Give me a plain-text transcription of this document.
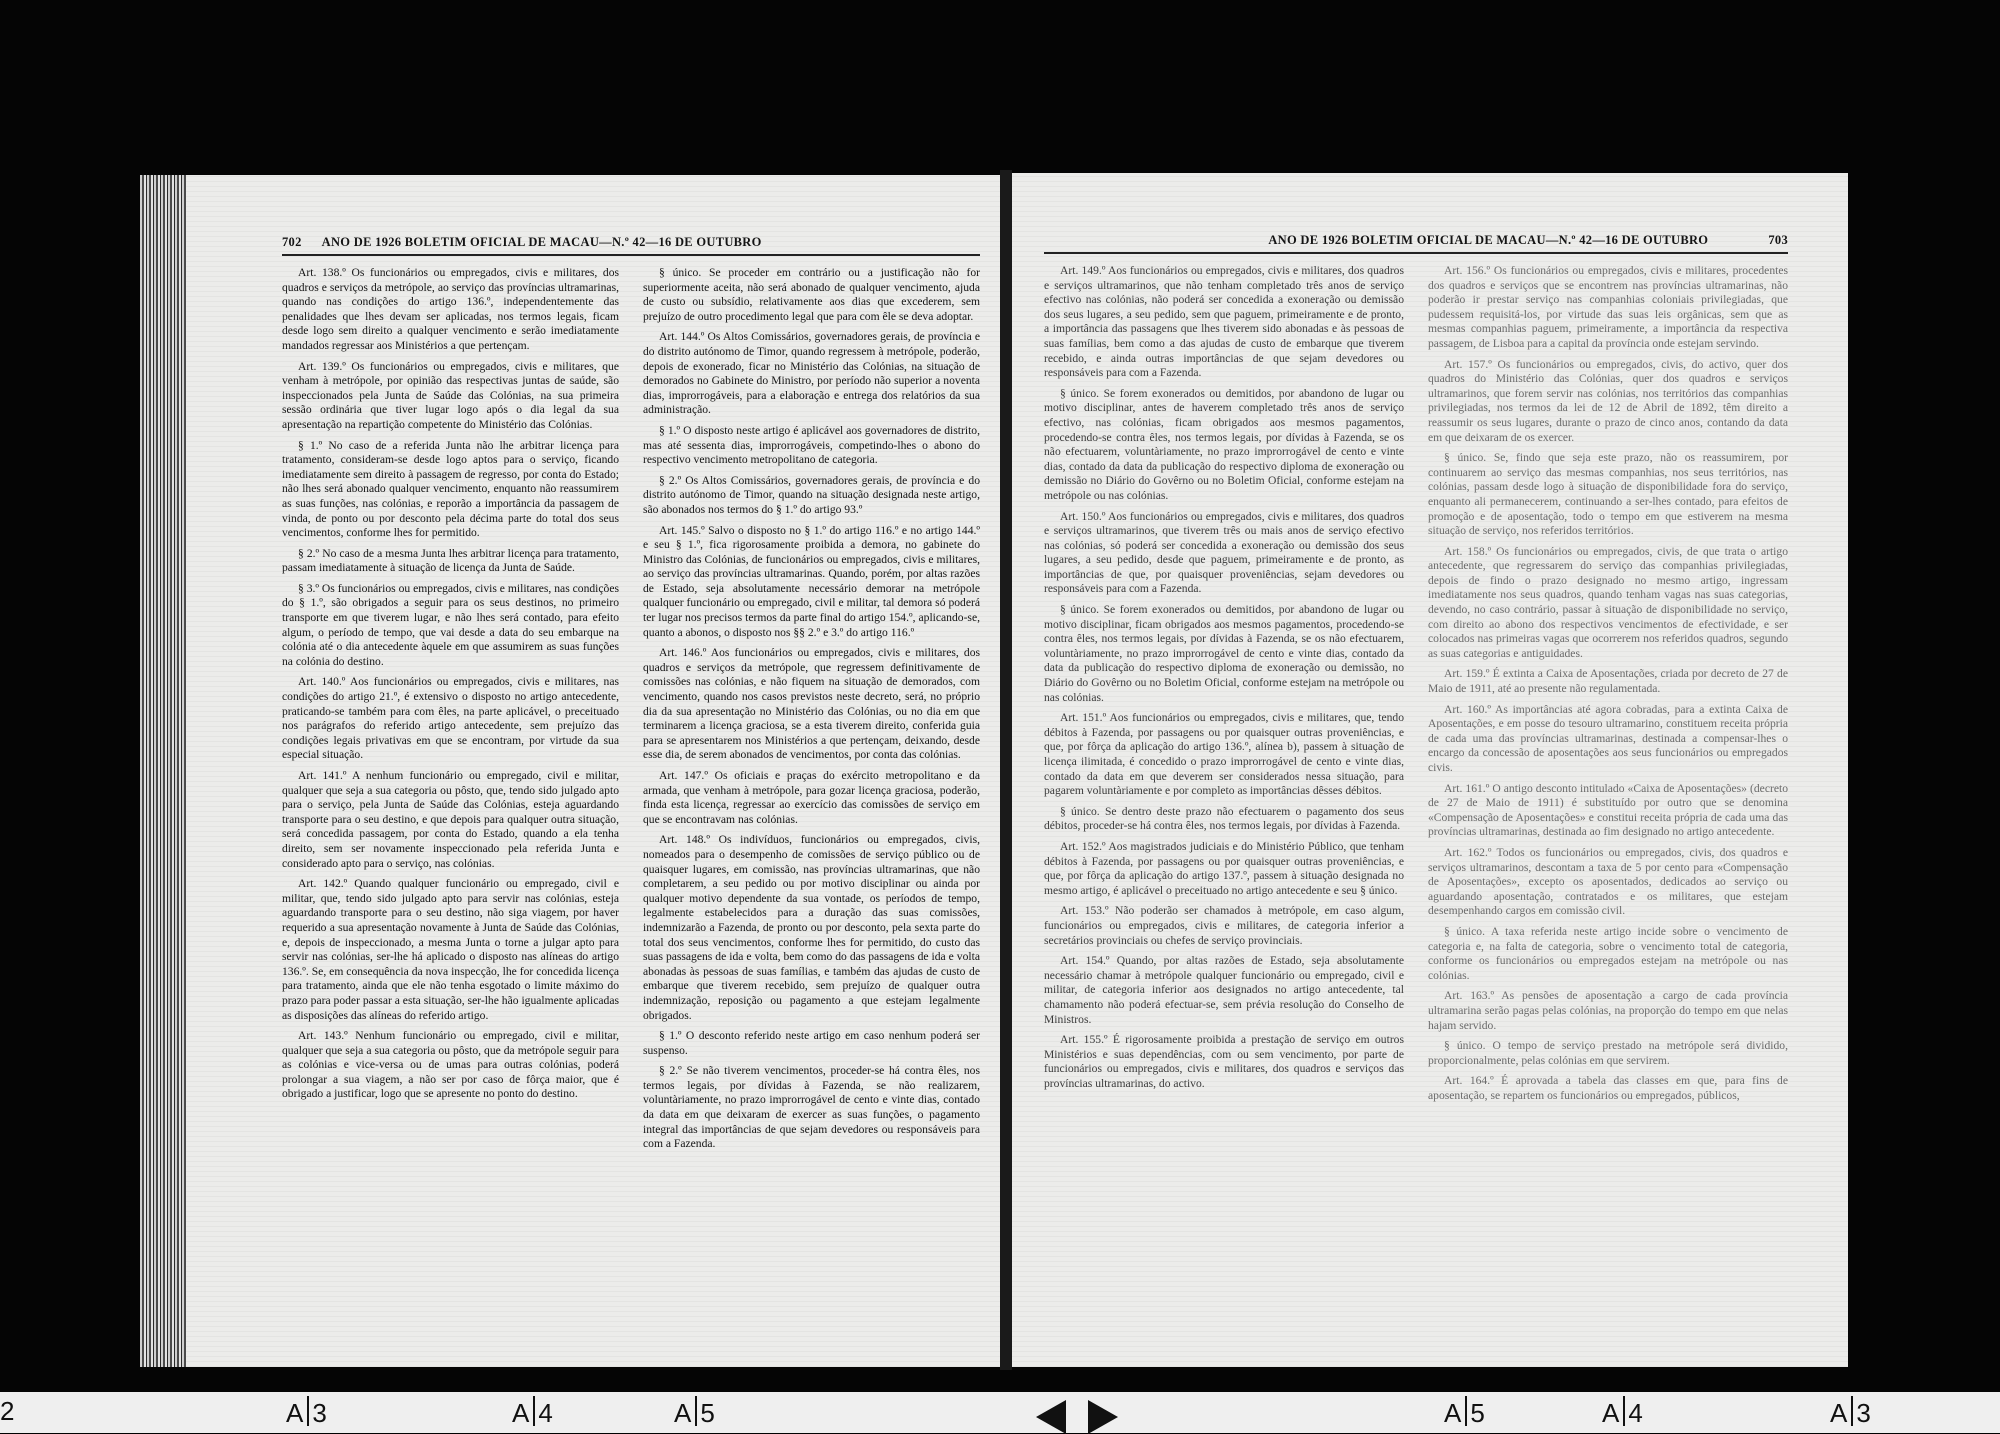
702	ANO DE 1926 BOLETIM OFICIAL DE MACAU—N.º 42—16 DE OUTUBRO

Art. 138.º Os funcionários ou empregados, civis e militares, dos quadros e serviços da metrópole, ao serviço das províncias ultramarinas, quando nas condições do artigo 136.º, independentemente das penalidades que lhes devam ser aplicadas, nos termos legais, ficam desde logo sem direito a qualquer vencimento e serão imediatamente mandados regressar aos Ministérios a que pertençam.

Art. 139.º Os funcionários ou empregados, civis e militares, que venham à metrópole, por opinião das respectivas juntas de saúde, são inspeccionados pela Junta de Saúde das Colónias, na sua primeira sessão ordinária que tiver lugar logo após o dia legal da sua apresentação na repartição competente do Ministério das Colónias.

§ 1.º No caso de a referida Junta não lhe arbitrar licença para tratamento, consideram-se desde logo aptos para o serviço, ficando imediatamente sem direito à passagem de regresso, por conta do Estado; não lhes será abonado qualquer vencimento, enquanto não reassumirem as suas funções, nas colónias, e reporão a importância da passagem de vinda, de ponto ou por desconto pela décima parte do total dos seus vencimentos, conforme lhes for permitido.

§ 2.º No caso de a mesma Junta lhes arbitrar licença para tratamento, passam imediatamente à situação de licença da Junta de Saúde.

§ 3.º Os funcionários ou empregados, civis e militares, nas condições do § 1.º, são obrigados a seguir para os seus destinos, no primeiro transporte em que tiverem lugar, e não lhes será contado, para efeito algum, o período de tempo, que vai desde a data do seu embarque na colónia até o dia antecedente àquele em que assumirem as suas funções na colónia do destino.

Art. 140.º Aos funcionários ou empregados, civis e militares, nas condições do artigo 21.º, é extensivo o disposto no artigo antecedente, praticando-se também para com êles, na parte aplicável, o preceituado nos parágrafos do referido artigo antecedente, sem prejuízo das condições legais privativas em que se encontram, por virtude da sua especial situação.

Art. 141.º A nenhum funcionário ou empregado, civil e militar, qualquer que seja a sua categoria ou pôsto, que, tendo sido julgado apto para o serviço, pela Junta de Saúde das Colónias, esteja aguardando transporte para o seu destino, e que depois para qualquer outra situação, será concedida passagem, por conta do Estado, quando a ela tenha direito, sem ser novamente inspeccionado pela referida Junta e considerado apto para o serviço, nas colónias.

Art. 142.º Quando qualquer funcionário ou empregado, civil e militar, que, tendo sido julgado apto para servir nas colónias, esteja aguardando transporte para o seu destino, não siga viagem, por haver requerido a sua apresentação novamente à Junta de Saúde das Colónias, e, depois de inspeccionado, a mesma Junta o torne a julgar apto para servir nas colónias, ser-lhe há aplicado o disposto nas alíneas do artigo 136.º. Se, em consequência da nova inspecção, lhe for concedida licença para tratamento, ainda que ele não tenha esgotado o limite máximo do prazo para poder passar a esta situação, ser-lhe hão igualmente aplicadas as disposições das alíneas do referido artigo.

Art. 143.º Nenhum funcionário ou empregado, civil e militar, qualquer que seja a sua categoria ou pôsto, que da metrópole seguir para as colónias e vice-versa ou de umas para outras colónias, poderá prolongar a sua viagem, a não ser por caso de fôrça maior, que é obrigado a justificar, logo que se apresente no ponto do destino.

§ único. Se proceder em contrário ou a justificação não for superiormente aceita, não será abonado de qualquer vencimento, ajuda de custo ou subsídio, relativamente aos dias que excederem, sem prejuízo de outro procedimento legal que para com êle se deva adoptar.

Art. 144.º Os Altos Comissários, governadores gerais, de província e do distrito autónomo de Timor, quando regressem à metrópole, poderão, depois de exonerado, ficar no Ministério das Colónias, na situação de demorados no Gabinete do Ministro, por período não superior a noventa dias, improrrogáveis, para a elaboração e entrega dos relatórios da sua administração.

§ 1.º O disposto neste artigo é aplicável aos governadores de distrito, mas até sessenta dias, improrrogáveis, competindo-lhes o abono do respectivo vencimento metropolitano de categoria.

§ 2.º Os Altos Comissários, governadores gerais, de província e do distrito autónomo de Timor, quando na situação designada neste artigo, são abonados nos termos do § 1.º do artigo 93.º

Art. 145.º Salvo o disposto no § 1.º do artigo 116.º e no artigo 144.º e seu § 1.º, fica rigorosamente proibida a demora, no gabinete do Ministro das Colónias, de funcionários ou empregados, civis e militares, ao serviço das províncias ultramarinas. Quando, porém, por altas razões de Estado, seja absolutamente necessário demorar na metrópole qualquer funcionário ou empregado, civil e militar, tal demora só poderá ter lugar nos precisos termos da parte final do artigo 154.º, aplicando-se, quanto a abonos, o disposto nos §§ 2.º e 3.º do artigo 116.º

Art. 146.º Aos funcionários ou empregados, civis e militares, dos quadros e serviços da metrópole, que regressem definitivamente de comissões nas colónias, e não fiquem na situação de demorados, com vencimento, quando nos casos previstos neste decreto, será, no próprio dia da sua apresentação no Ministério das Colónias, ou no dia em que terminarem a licença graciosa, se a esta tiverem direito, conferida guia para se apresentarem nos Ministérios a que pertençam, deixando, desde esse dia, de serem abonados de vencimentos, por conta das colónias.

Art. 147.º Os oficiais e praças do exército metropolitano e da armada, que venham à metrópole, para gozar licença graciosa, poderão, finda esta licença, regressar ao exercício das comissões de serviço em que se encontravam nas colónias.

Art. 148.º Os indivíduos, funcionários ou empregados, civis, nomeados para o desempenho de comissões de serviço público ou de quaisquer lugares, em comissão, nas províncias ultramarinas, que não completarem, a seu pedido ou por motivo disciplinar ou ainda por qualquer motivo dependente da sua vontade, os períodos de tempo, legalmente estabelecidos para a duração das suas comissões, indemnizarão a Fazenda, de pronto ou por desconto, pela sexta parte do total dos seus vencimentos, conforme lhes for permitido, do custo das suas passagens de ida e volta, bem como do das passagens de ida e volta abonadas às pessoas de suas famílias, e também das ajudas de custo de embarque que tiverem recebido, sem prejuízo de qualquer outra indemnização, reposição ou pagamento a que estejam legalmente obrigados.

§ 1.º O desconto referido neste artigo em caso nenhum poderá ser suspenso.

§ 2.º Se não tiverem vencimentos, proceder-se há contra êles, nos termos legais, por dívidas à Fazenda, se não realizarem, voluntàriamente, no prazo improrrogável de cento e vinte dias, contado da data em que deixaram de exercer as suas funções, o pagamento integral das importâncias de que sejam devedores ou responsáveis para com a Fazenda.

ANO DE 1926 BOLETIM OFICIAL DE MACAU—N.º 42—16 DE OUTUBRO	703

Art. 149.º Aos funcionários ou empregados, civis e militares, dos quadros e serviços ultramarinos, que não tenham completado três anos de serviço efectivo nas colónias, não poderá ser concedida a exoneração ou demissão dos seus lugares, a seu pedido, sem que paguem, primeiramente e de pronto, a importância das passagens que lhes tiverem sido abonadas e às pessoas de suas famílias, bem como a das ajudas de custo de embarque que tiverem recebido, e ainda outras importâncias de que sejam devedores ou responsáveis para com a Fazenda.

§ único. Se forem exonerados ou demitidos, por abandono de lugar ou motivo disciplinar, antes de haverem completado três anos de serviço efectivo, nas colónias, ficam obrigados aos mesmos pagamentos, procedendo-se contra êles, nos termos legais, por dívidas à Fazenda, se os não efectuarem, voluntàriamente, no prazo improrrogável de cento e vinte dias, contado da data da publicação do respectivo diploma de exoneração ou demissão no Diário do Govêrno ou no Boletim Oficial, conforme estejam na metrópole ou nas colónias.

Art. 150.º Aos funcionários ou empregados, civis e militares, dos quadros e serviços ultramarinos, que tiverem três ou mais anos de serviço efectivo nas colónias, só poderá ser concedida a exoneração ou demissão dos seus lugares, a seu pedido, desde que paguem, primeiramente e de pronto, as importâncias de que, por quaisquer proveniências, sejam devedores ou responsáveis para com a Fazenda.

§ único. Se forem exonerados ou demitidos, por abandono de lugar ou motivo disciplinar, ficam obrigados aos mesmos pagamentos, procedendo-se contra êles, nos termos legais, por dívidas à Fazenda, se os não efectuarem, voluntàriamente, no prazo improrrogável de cento e vinte dias, contado da data da publicação do respectivo diploma de exoneração ou demissão, no Diário do Govêrno ou no Boletim Oficial, conforme estejam na metrópole ou nas colónias.

Art. 151.º Aos funcionários ou empregados, civis e militares, que, tendo débitos à Fazenda, por passagens ou por quaisquer outras proveniências, e que, por fôrça da aplicação do artigo 136.º, alínea b), passem à situação de licença ilimitada, é concedido o prazo improrrogável de cento e vinte dias, contado da data em que deverem ser considerados nessa situação, para pagarem voluntàriamente e por completo as importâncias dêsses débitos.

§ único. Se dentro deste prazo não efectuarem o pagamento dos seus débitos, proceder-se há contra êles, nos termos legais, por dívidas à Fazenda.

Art. 152.º Aos magistrados judiciais e do Ministério Público, que tenham débitos à Fazenda, por passagens ou por quaisquer outras proveniências, e que, por fôrça da aplicação do artigo 137.º, passem à situação designada no mesmo artigo, é aplicável o preceituado no artigo antecedente e seu § único.

Art. 153.º Não poderão ser chamados à metrópole, em caso algum, funcionários ou empregados, civis e militares, de categoria inferior a secretários provinciais ou chefes de serviço provinciais.

Art. 154.º Quando, por altas razões de Estado, seja absolutamente necessário chamar à metrópole qualquer funcionário ou empregado, civil e militar, de categoria inferior aos designados no artigo antecedente, tal chamamento não poderá efectuar-se, sem prévia resolução do Conselho de Ministros.

Art. 155.º É rigorosamente proibida a prestação de serviço em outros Ministérios e suas dependências, com ou sem vencimento, por parte de funcionários ou empregados, civis e militares, dos quadros e serviços das províncias ultramarinas, do activo.

Art. 156.º Os funcionários ou empregados, civis e militares, procedentes dos quadros e serviços que se encontrem nas províncias ultramarinas, não poderão ir prestar serviço nas companhias coloniais privilegiadas, que pudessem requisitá-los, por virtude das suas leis orgânicas, sem que as mesmas companhias paguem, primeiramente, a importância da respectiva passagem, de Lisboa para a capital da província onde estejam servindo.

Art. 157.º Os funcionários ou empregados, civis, do activo, quer dos quadros do Ministério das Colónias, quer dos quadros e serviços ultramarinos, que forem servir nas colónias, nos territórios das companhias privilegiadas, nos termos da lei de 12 de Abril de 1892, têm direito a reassumir os seus lugares, durante o prazo de cinco anos, contando da data em que deixaram de os exercer.

§ único. Se, findo que seja este prazo, não os reassumirem, por continuarem ao serviço das mesmas companhias, nos seus territórios, nas colónias, passam desde logo à situação de disponibilidade fora do serviço, enquanto ali permanecerem, continuando a ser-lhes contado, para efeitos de promoção e de aposentação, todo o tempo em que estiverem na mesma situação de serviço, nos referidos territórios.

Art. 158.º Os funcionários ou empregados, civis, de que trata o artigo antecedente, que regressarem do serviço das companhias privilegiadas, depois de findo o prazo designado no mesmo artigo, ingressam imediatamente nos seus quadros, quando tenham vagas nas suas categorias, devendo, no caso contrário, passar à situação de disponibilidade no serviço, com direito ao abono dos respectivos vencimentos de efectividade, e ser colocados nas primeiras vagas que ocorrerem nos referidos quadros, segundo as suas categorias e antiguidades.

Art. 159.º É extinta a Caixa de Aposentações, criada por decreto de 27 de Maio de 1911, até ao presente não regulamentada.

Art. 160.º As importâncias até agora cobradas, para a extinta Caixa de Aposentações, e em posse do tesouro ultramarino, constituem receita própria de cada uma das províncias ultramarinas, destinada a compensar-lhes o encargo da concessão de aposentações aos seus funcionários ou empregados civis.

Art. 161.º O antigo desconto intitulado «Caixa de Aposentações» (decreto de 27 de Maio de 1911) é substituído por outro que se denomina «Compensação de Aposentações» e constitui receita própria de cada uma das províncias ultramarinas, destinada ao fim designado no artigo antecedente.

Art. 162.º Todos os funcionários ou empregados, civis, dos quadros e serviços ultramarinos, descontam a taxa de 5 por cento para «Compensação de Aposentações», excepto os aposentados, dedicados ao serviço ou aguardando aposentação, contratados e os militares, que estejam desempenhando cargos em comissão civil.

§ único. A taxa referida neste artigo incide sobre o vencimento de categoria e, na falta de categoria, sobre o vencimento total de categoria, conforme os funcionários ou empregados estejam na metrópole ou nas colónias.

Art. 163.º As pensões de aposentação a cargo de cada província ultramarina serão pagas pelas colónias, na proporção do tempo em que nelas hajam servido.

§ único. O tempo de serviço prestado na metrópole será dividido, proporcionalmente, pelas colónias em que servirem.

Art. 164.º É aprovada a tabela das classes em que, para fins de aposentação, se repartem os funcionários ou empregados, públicos,

2	A 3	A 4	A 5	A 5	A 4	A 3
